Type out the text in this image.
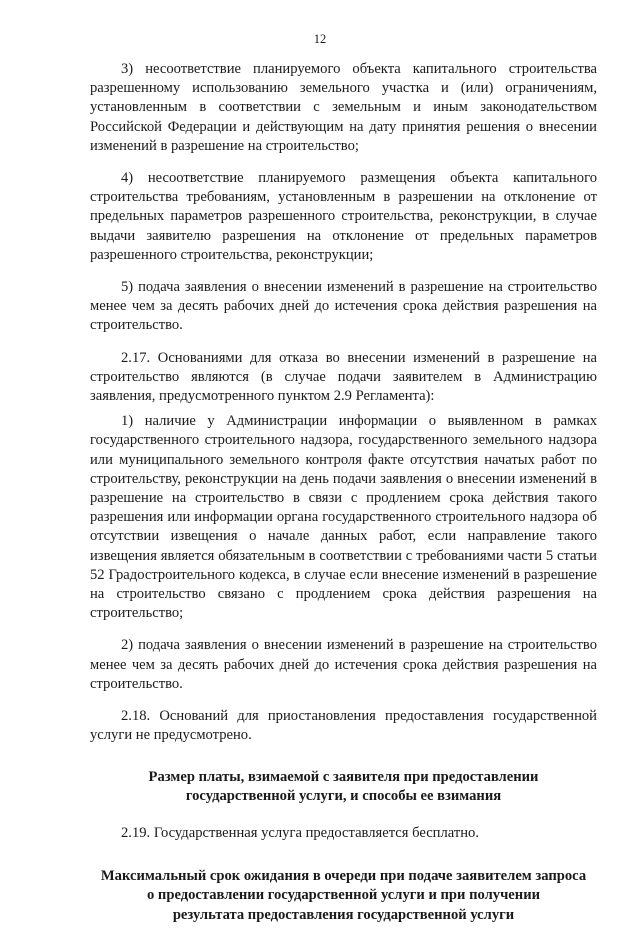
12

3) несоответствие планируемого объекта капитального строительства разрешенному использованию земельного участка и (или) ограничениям, установленным в соответствии с земельным и иным законодательством Российской Федерации и действующим на дату принятия решения о внесении изменений в разрешение на строительство;

4) несоответствие планируемого размещения объекта капитального строительства требованиям, установленным в разрешении на отклонение от предельных параметров разрешенного строительства, реконструкции, в случае выдачи заявителю разрешения на отклонение от предельных параметров разрешенного строительства, реконструкции;

5) подача заявления о внесении изменений в разрешение на строительство менее чем за десять рабочих дней до истечения срока действия разрешения на строительство.

2.17. Основаниями для отказа во внесении изменений в разрешение на строительство являются (в случае подачи заявителем в Администрацию заявления, предусмотренного пунктом 2.9 Регламента):

1) наличие у Администрации информации о выявленном в рамках государственного строительного надзора, государственного земельного надзора или муниципального земельного контроля факте отсутствия начатых работ по строительству, реконструкции на день подачи заявления о внесении изменений в разрешение на строительство в связи с продлением срока действия такого разрешения или информации органа государственного строительного надзора об отсутствии извещения о начале данных работ, если направление такого извещения является обязательным в соответствии с требованиями части 5 статьи 52 Градостроительного кодекса, в случае если внесение изменений в разрешение на строительство связано с продлением срока действия разрешения на строительство;

2) подача заявления о внесении изменений в разрешение на строительство менее чем за десять рабочих дней до истечения срока действия разрешения на строительство.

2.18. Оснований для приостановления предоставления государственной услуги не предусмотрено.

Размер платы, взимаемой с заявителя при предоставлении
государственной услуги, и способы ее взимания

2.19. Государственная услуга предоставляется бесплатно.

Максимальный срок ожидания в очереди при подаче заявителем запроса
о предоставлении государственной услуги и при получении
результата предоставления государственной услуги
